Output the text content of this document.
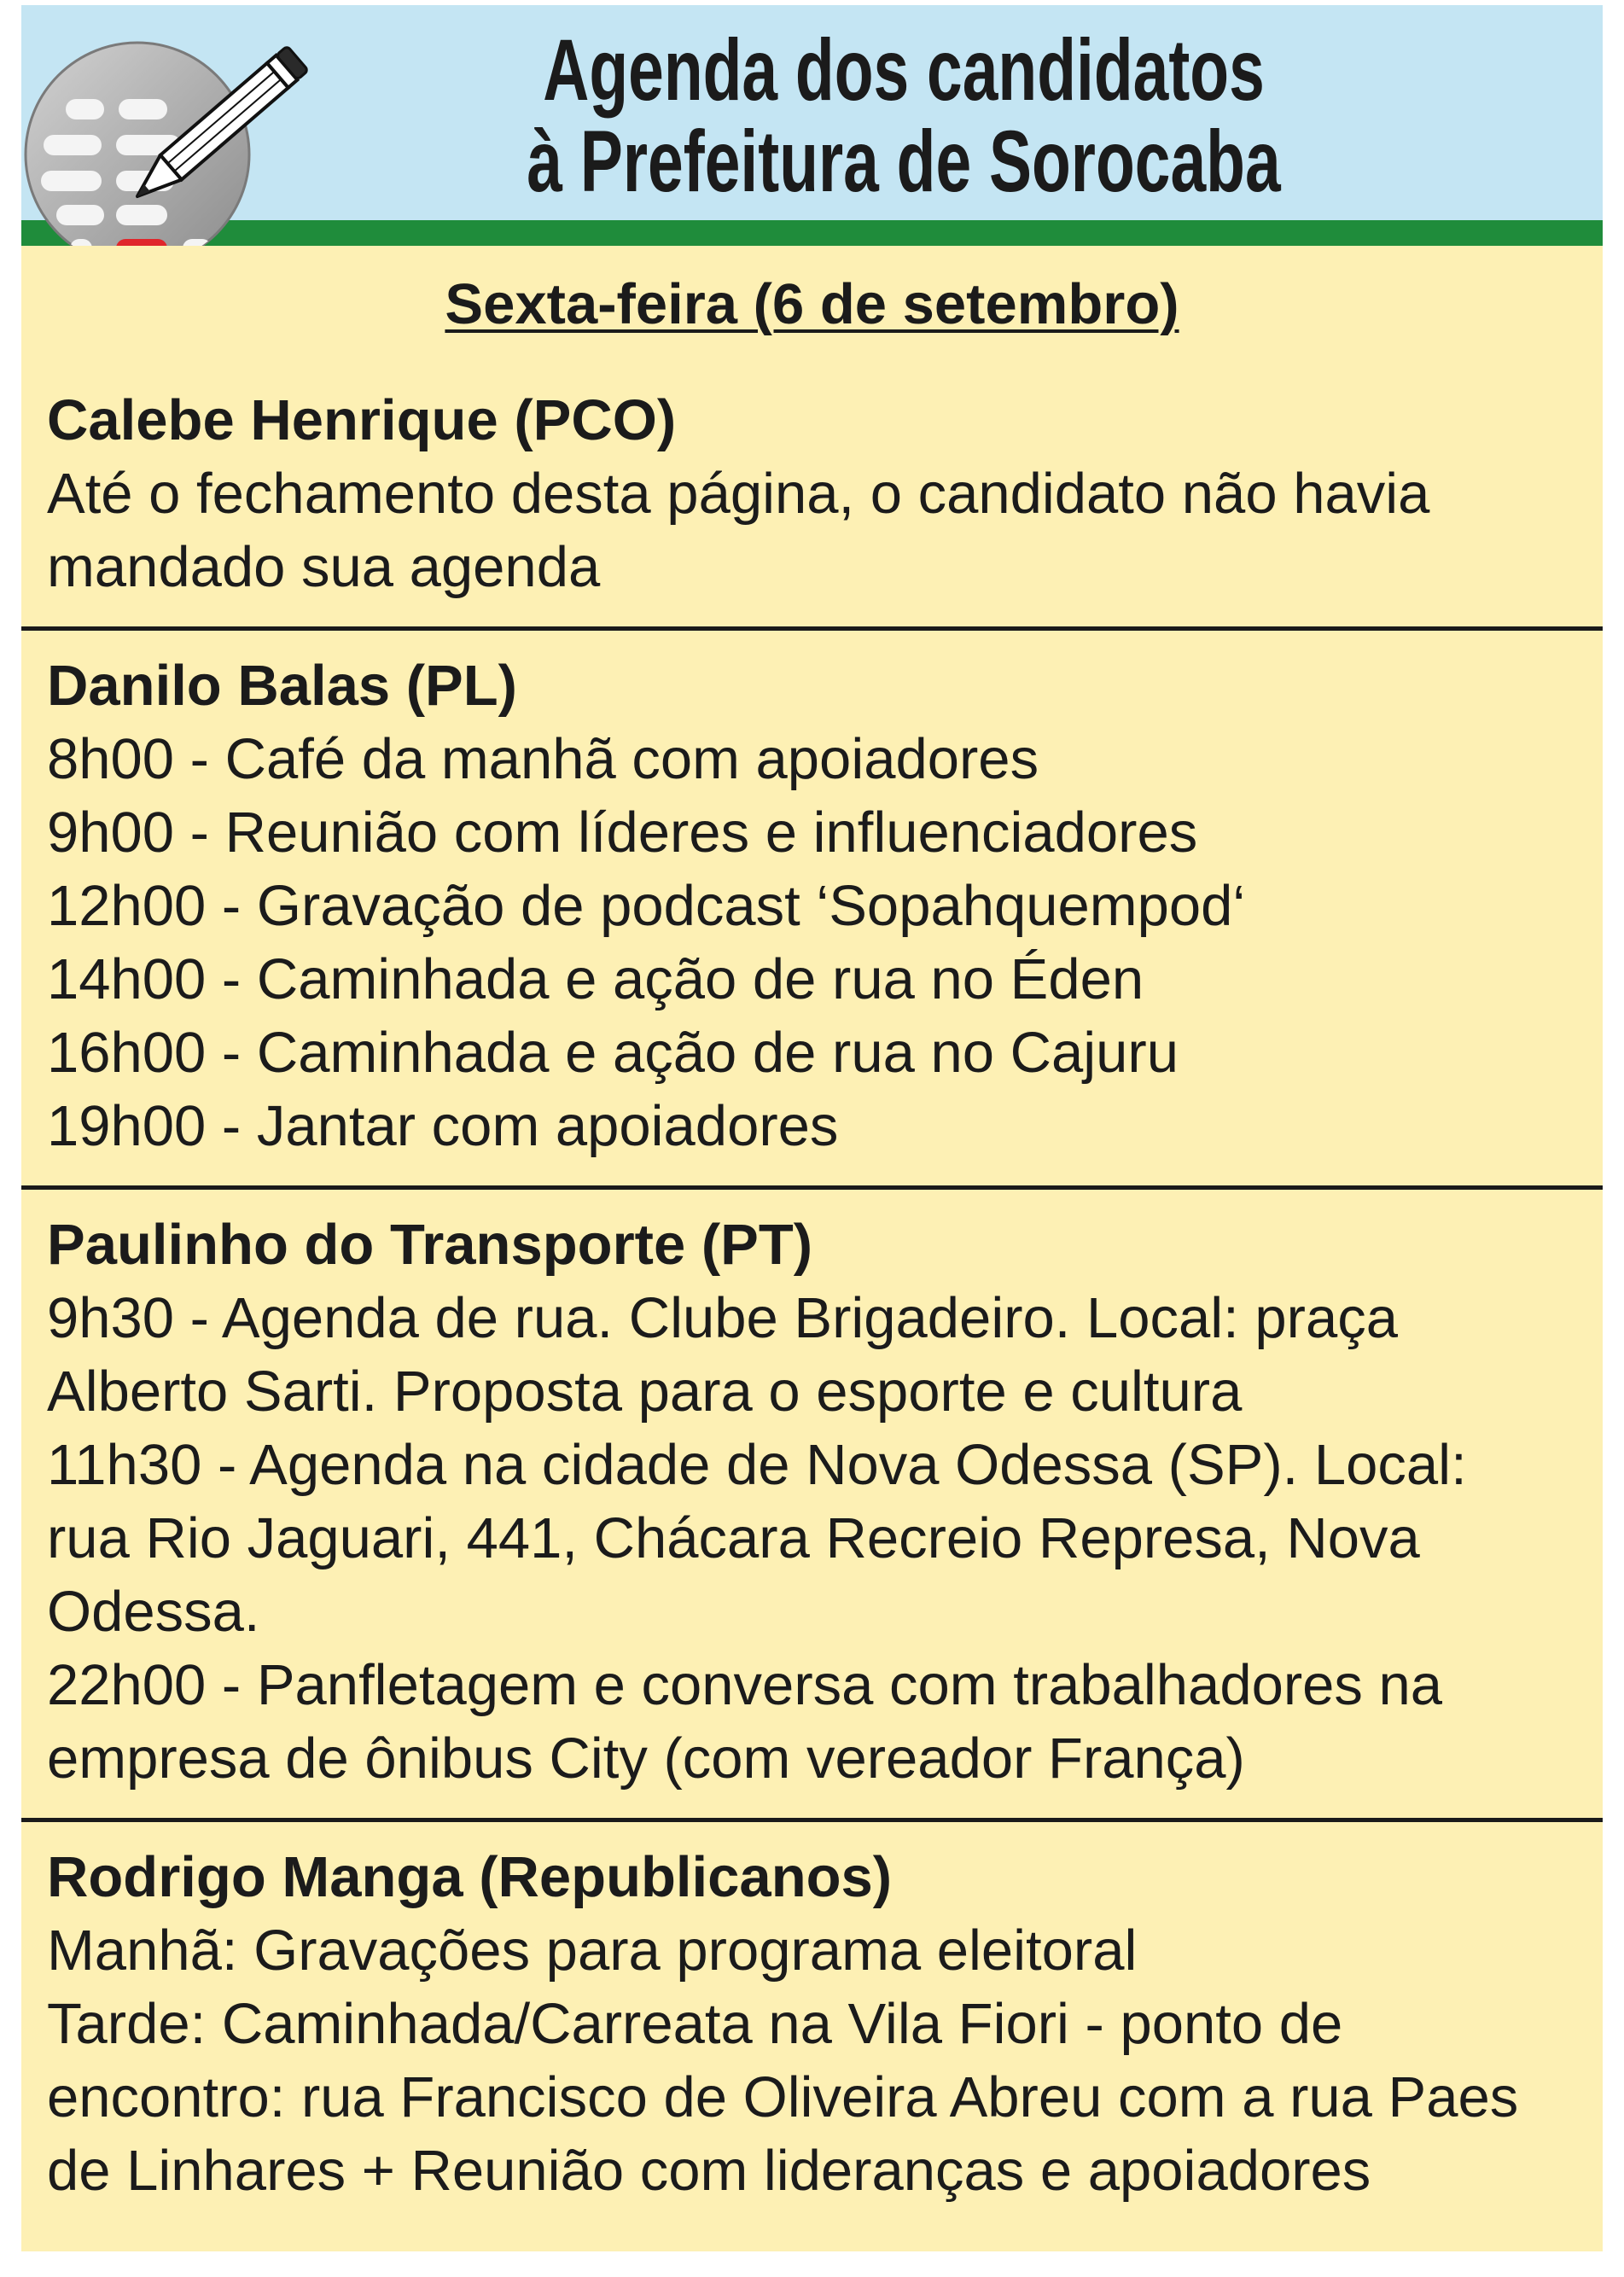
Agenda dos candidatos
à Prefeitura de Sorocaba
Sexta-feira (6 de setembro)
Calebe Henrique (PCO)
Até o fechamento desta página, o candidato não havia mandado sua agenda
Danilo Balas (PL)
8h00 - Café da manhã com apoiadores
9h00 - Reunião com líderes e influenciadores
12h00 - Gravação de podcast ‘Sopahquempod‘
14h00 - Caminhada e ação de rua no Éden
16h00 - Caminhada e ação de rua no Cajuru
19h00 - Jantar com apoiadores
Paulinho do Transporte (PT)
9h30 - Agenda de rua. Clube Brigadeiro. Local: praça Alberto Sarti. Proposta para o esporte e cultura
11h30 - Agenda na cidade de Nova Odessa (SP). Local: rua Rio Jaguari, 441, Chácara Recreio Represa, Nova Odessa.
22h00 - Panfletagem e conversa com trabalhadores na empresa de ônibus City (com vereador França)
Rodrigo Manga (Republicanos)
Manhã: Gravações para programa eleitoral
Tarde: Caminhada/Carreata na Vila Fiori - ponto de encontro: rua Francisco de Oliveira Abreu com a rua Paes de Linhares + Reunião com lideranças e apoiadores
